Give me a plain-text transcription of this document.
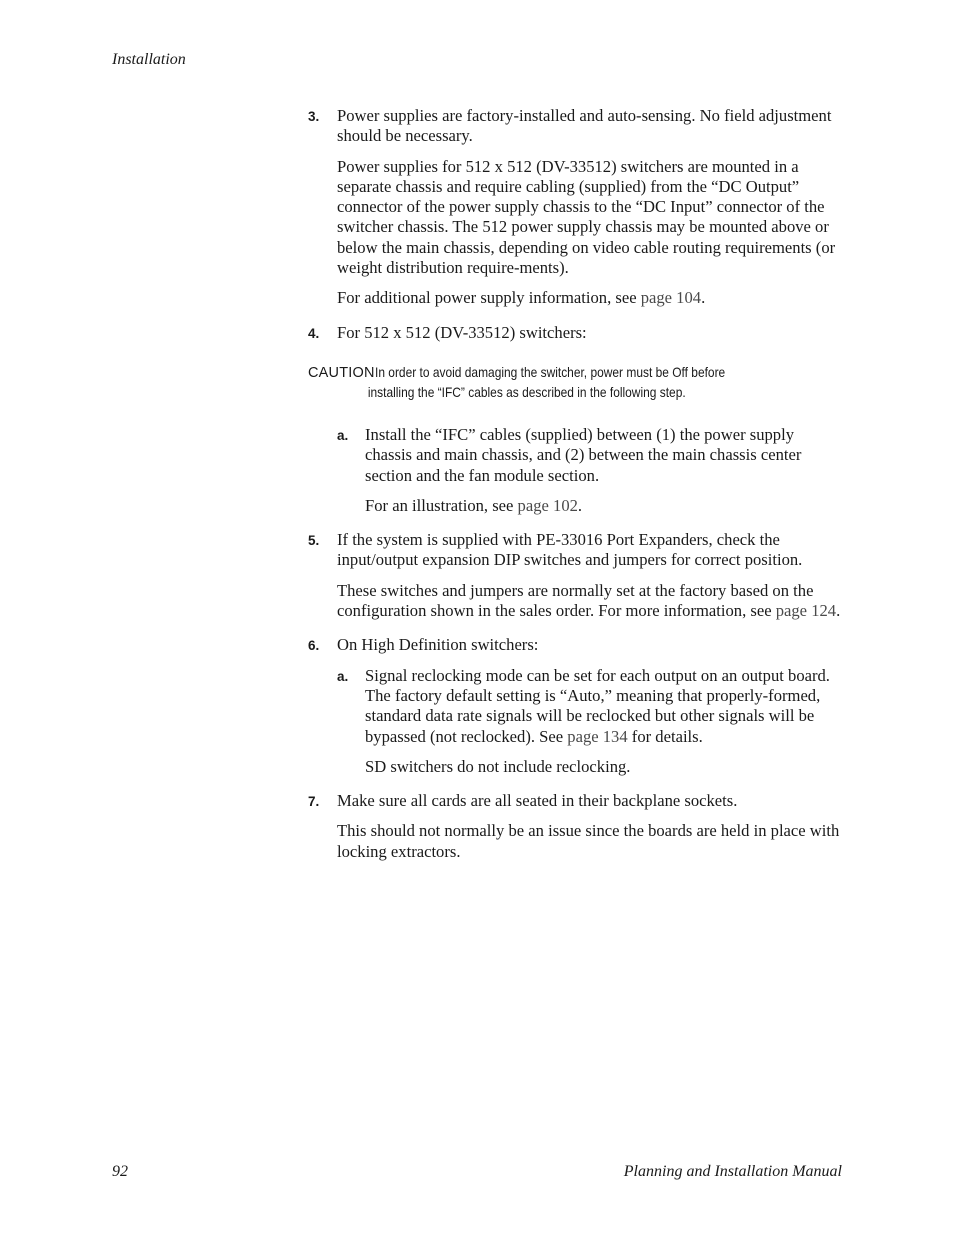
Installation
3. Power supplies are factory-installed and auto-sensing. No field adjustment should be necessary.

Power supplies for 512 x 512 (DV-33512) switchers are mounted in a separate chassis and require cabling (supplied) from the “DC Output” connector of the power supply chassis to the “DC Input” connector of the switcher chassis. The 512 power supply chassis may be mounted above or below the main chassis, depending on video cable routing requirements (or weight distribution require-ments).

For additional power supply information, see page 104.

4. For 512 x 512 (DV-33512) switchers:

CAUTIONIn order to avoid damaging the switcher, power must be Off before
installing the “IFC” cables as described in the following step.
a. Install the “IFC” cables (supplied) between (1) the power supply chassis and main chassis, and (2) between the main chassis center section and the fan module section.

For an illustration, see page 102.

5. If the system is supplied with PE-33016 Port Expanders, check the input/output expansion DIP switches and jumpers for correct position.

These switches and jumpers are normally set at the factory based on the configuration shown in the sales order. For more information, see page 124.

6. On High Definition switchers:

a. Signal reclocking mode can be set for each output on an output board. The factory default setting is “Auto,” meaning that properly-formed, standard data rate signals will be reclocked but other signals will be bypassed (not reclocked). See page 134 for details.

SD switchers do not include reclocking.

7. Make sure all cards are all seated in their backplane sockets.

This should not normally be an issue since the boards are held in place with locking extractors.

92	Planning and Installation Manual
